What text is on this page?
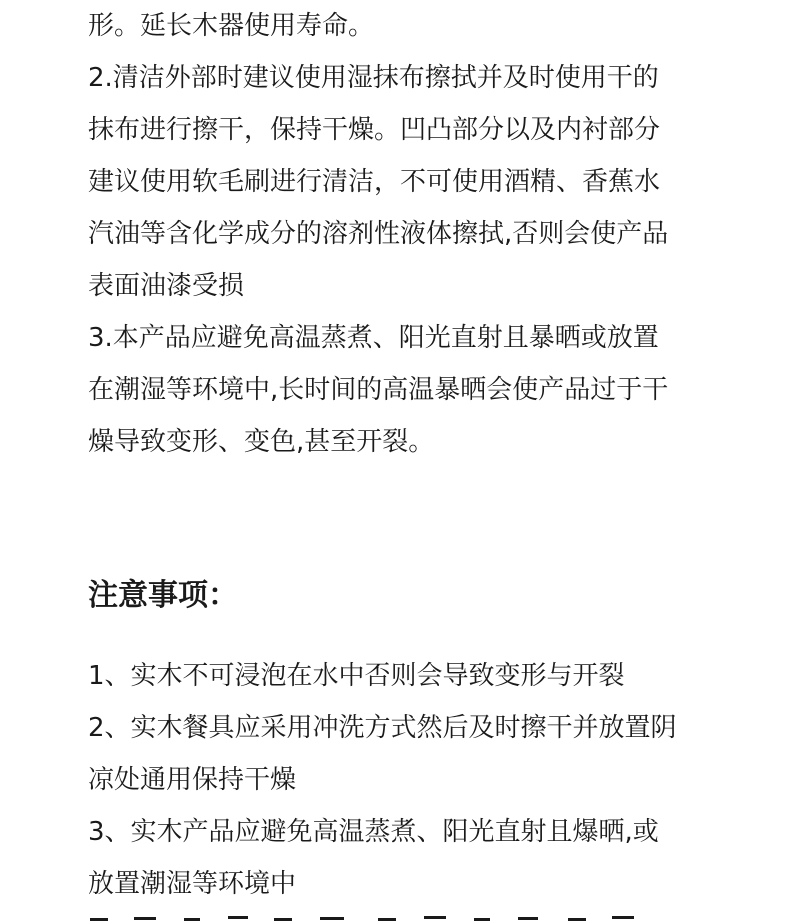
形。延长木器使用寿命。
2.清洁外部时建议使用湿抹布擦拭并及时使用干的
抹布进行擦干，保持干燥。凹凸部分以及内衬部分
建议使用软毛刷进行清洁，不可使用酒精、香蕉水
汽油等含化学成分的溶剂性液体擦拭,否则会使产品
表面油漆受损
3.本产品应避免高温蒸煮、阳光直射且暴晒或放置
在潮湿等环境中,长时间的高温暴晒会使产品过于干
燥导致变形、变色,甚至开裂。
注意事项：
1、实木不可浸泡在水中否则会导致变形与开裂
2、实木餐具应采用冲洗方式然后及时擦干并放置阴
凉处通用保持干燥
3、实木产品应避免高温蒸煮、阳光直射且爆晒,或
放置潮湿等环境中
